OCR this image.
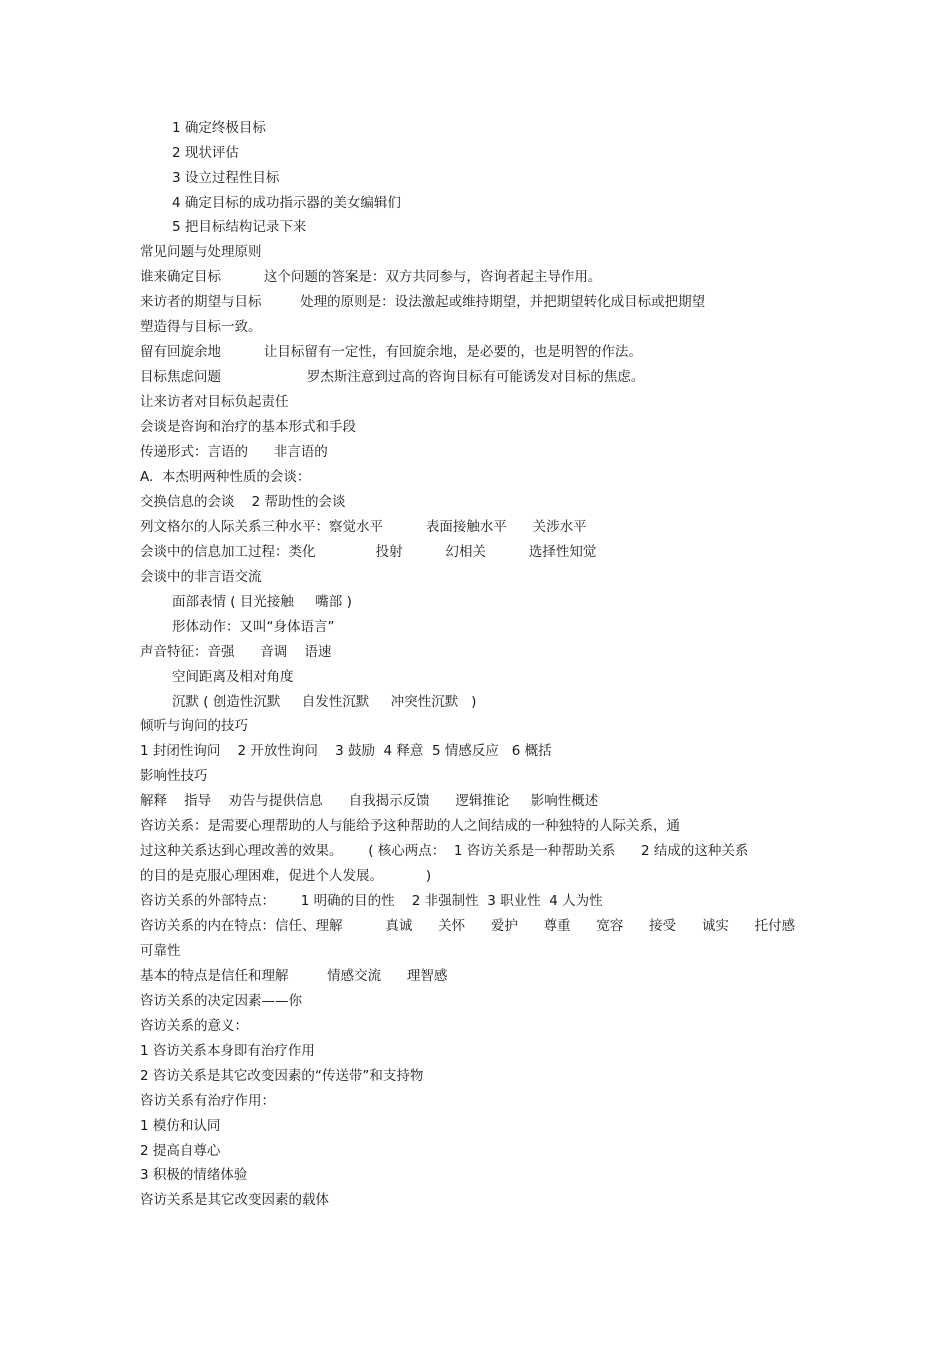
1 确定终极目标
2 现状评估
3 设立过程性目标
4 确定目标的成功指示器的美女编辑们
5 把目标结构记录下来
常见问题与处理原则
谁来确定目标          这个问题的答案是：双方共同参与，咨询者起主导作用。
来访者的期望与目标         处理的原则是：设法激起或维持期望，并把期望转化成目标或把期望
塑造得与目标一致。
留有回旋余地          让目标留有一定性，有回旋余地，是必要的，也是明智的作法。
目标焦虑问题                    罗杰斯注意到过高的咨询目标有可能诱发对目标的焦虑。
让来访者对目标负起责任
会谈是咨询和治疗的基本形式和手段
传递形式：言语的      非言语的
A.  本杰明两种性质的会谈：
交换信息的会谈    2 帮助性的会谈
列文格尔的人际关系三种水平：察觉水平          表面接触水平      关涉水平
会谈中的信息加工过程：类化              投射          幻相关          选择性知觉
会谈中的非言语交流
面部表情 ( 目光接触     嘴部 )
形体动作：又叫“身体语言”
声音特征：音强      音调    语速
空间距离及相对角度
沉默 ( 创造性沉默     自发性沉默     冲突性沉默   )
倾听与询问的技巧
1 封闭性询问    2 开放性询问    3 鼓励  4 释意  5 情感反应   6 概括
影响性技巧
解释    指导    劝告与提供信息      自我揭示反馈      逻辑推论     影响性概述
咨访关系：是需要心理帮助的人与能给予这种帮助的人之间结成的一种独特的人际关系，通
过这种关系达到心理改善的效果。      ( 核心两点：  1 咨访关系是一种帮助关系      2 结成的这种关系
的目的是克服心理困难，促进个人发展。          )
咨访关系的外部特点：      1 明确的目的性    2 非强制性  3 职业性  4 人为性
咨访关系的内在特点：信任、理解          真诚      关怀      爱护      尊重      宽容      接受      诚实      托付感
可靠性
基本的特点是信任和理解         情感交流      理智感
咨访关系的决定因素——你
咨访关系的意义：
1 咨访关系本身即有治疗作用
2 咨访关系是其它改变因素的“传送带”和支持物
咨访关系有治疗作用：
1 模仿和认同
2 提高自尊心
3 积极的情绪体验
咨访关系是其它改变因素的载体
